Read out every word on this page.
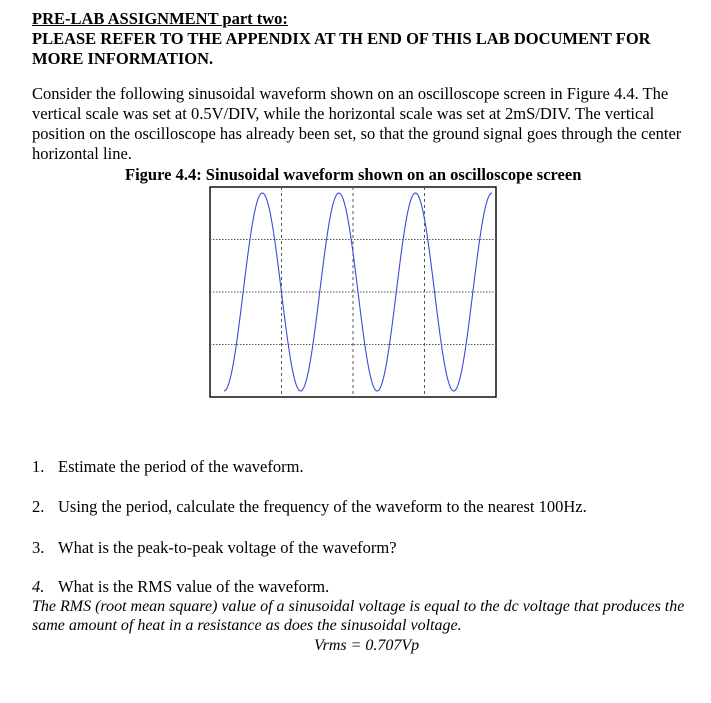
PRE-LAB ASSIGNMENT part two:
PLEASE REFER TO THE APPENDIX AT TH END OF THIS LAB DOCUMENT FOR MORE INFORMATION.

Consider the following sinusoidal waveform shown on an oscilloscope screen in Figure 4.4. The vertical scale was set at 0.5V/DIV, while the horizontal scale was set at 2mS/DIV. The vertical position on the oscilloscope has already been set, so that the ground signal goes through the center horizontal line.

Figure 4.4: Sinusoidal waveform shown on an oscilloscope screen
1. Estimate the period of the waveform.
2. Using the period, calculate the frequency of the waveform to the nearest 100Hz.
3. What is the peak-to-peak voltage of the waveform?
4. What is the RMS value of the waveform.
The RMS (root mean square) value of a sinusoidal voltage is equal to the dc voltage that produces the same amount of heat in a resistance as does the sinusoidal voltage.
Vrms = 0.707Vp
